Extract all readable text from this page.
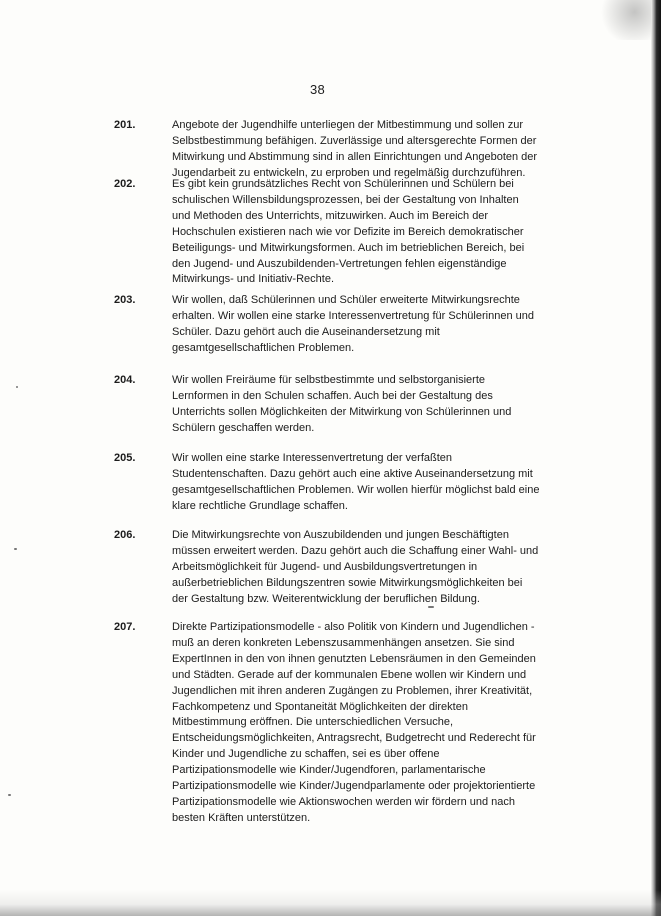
38
201.	Angebote der Jugendhilfe unterliegen der Mitbestimmung und sollen zur
Selbstbestimmung befähigen. Zuverlässige und altersgerechte Formen der
Mitwirkung und Abstimmung sind in allen Einrichtungen und Angeboten der
Jugendarbeit zu entwickeln, zu erproben und regelmäßig durchzuführen.
202.	Es gibt kein grundsätzliches Recht von Schülerinnen und Schülern bei
schulischen Willensbildungsprozessen, bei der Gestaltung von Inhalten
und Methoden des Unterrichts, mitzuwirken. Auch im Bereich der
Hochschulen existieren nach wie vor Defizite im Bereich demokratischer
Beteiligungs- und Mitwirkungsformen. Auch im betrieblichen Bereich, bei
den Jugend- und Auszubildenden-Vertretungen fehlen eigenständige
Mitwirkungs- und Initiativ-Rechte.
203.	Wir wollen, daß Schülerinnen und Schüler erweiterte Mitwirkungsrechte
erhalten. Wir wollen eine starke Interessenvertretung für Schülerinnen und
Schüler. Dazu gehört auch die Auseinandersetzung mit
gesamtgesellschaftlichen Problemen.
204.	Wir wollen Freiräume für selbstbestimmte und selbstorganisierte
Lernformen in den Schulen schaffen. Auch bei der Gestaltung des
Unterrichts sollen Möglichkeiten der Mitwirkung von Schülerinnen und
Schülern geschaffen werden.
205.	Wir wollen eine starke Interessenvertretung der verfaßten
Studentenschaften. Dazu gehört auch eine aktive Auseinandersetzung mit
gesamtgesellschaftlichen Problemen. Wir wollen hierfür möglichst bald eine
klare rechtliche Grundlage schaffen.
206.	Die Mitwirkungsrechte von Auszubildenden und jungen Beschäftigten
müssen erweitert werden. Dazu gehört auch die Schaffung einer Wahl- und
Arbeitsmöglichkeit für Jugend- und Ausbildungsvertretungen in
außerbetrieblichen Bildungszentren sowie Mitwirkungsmöglichkeiten bei
der Gestaltung bzw. Weiterentwicklung der beruflichen Bildung.
207.	Direkte Partizipationsmodelle - also Politik von Kindern und Jugendlichen -
muß an deren konkreten Lebenszusammenhängen ansetzen. Sie sind
ExpertInnen in den von ihnen genutzten Lebensräumen in den Gemeinden
und Städten. Gerade auf der kommunalen Ebene wollen wir Kindern und
Jugendlichen mit ihren anderen Zugängen zu Problemen, ihrer Kreativität,
Fachkompetenz und Spontaneität Möglichkeiten der direkten
Mitbestimmung eröffnen. Die unterschiedlichen Versuche,
Entscheidungsmöglichkeiten, Antragsrecht, Budgetrecht und Rederecht für
Kinder und Jugendliche zu schaffen, sei es über offene
Partizipationsmodelle wie Kinder/Jugendforen, parlamentarische
Partizipationsmodelle wie Kinder/Jugendparlamente oder projektorientierte
Partizipationsmodelle wie Aktionswochen werden wir fördern und nach
besten Kräften unterstützen.
